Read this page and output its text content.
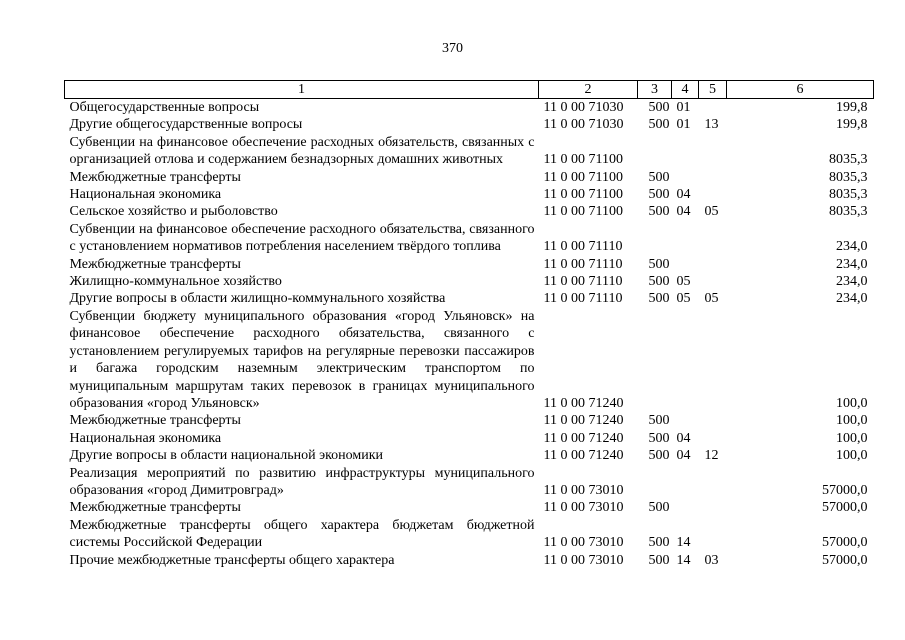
370
1	2	3	4	5	6
Общегосударственные вопросы	11 0 00 71030	500	01		199,8
Другие общегосударственные вопросы	11 0 00 71030	500	01	13	199,8
Субвенции на финансовое обеспечение расходных обязательств, связанных с организацией отлова и содержанием безнадзорных домашних животных	11 0 00 71100				8035,3
Межбюджетные трансферты	11 0 00 71100	500			8035,3
Национальная экономика	11 0 00 71100	500	04		8035,3
Сельское хозяйство и рыболовство	11 0 00 71100	500	04	05	8035,3
Субвенции на финансовое обеспечение расходного обязательства, связанного с установлением нормативов потребления населением твёрдого топлива	11 0 00 71110				234,0
Межбюджетные трансферты	11 0 00 71110	500			234,0
Жилищно-коммунальное хозяйство	11 0 00 71110	500	05		234,0
Другие вопросы в области жилищно-коммунального хозяйства	11 0 00 71110	500	05	05	234,0
Субвенции бюджету муниципального образования «город Ульяновск» на финансовое обеспечение расходного обязательства, связанного с установлением регулируемых тарифов на регулярные перевозки пассажиров и багажа городским наземным электрическим транспортом по муниципальным маршрутам таких перевозок в границах муниципального образования «город Ульяновск»	11 0 00 71240				100,0
Межбюджетные трансферты	11 0 00 71240	500			100,0
Национальная экономика	11 0 00 71240	500	04		100,0
Другие вопросы в области национальной экономики	11 0 00 71240	500	04	12	100,0
Реализация мероприятий по развитию инфраструктуры муниципального образования «город Димитровград»	11 0 00 73010				57000,0
Межбюджетные трансферты	11 0 00 73010	500			57000,0
Межбюджетные трансферты общего характера бюджетам бюджетной системы Российской Федерации	11 0 00 73010	500	14		57000,0
Прочие межбюджетные трансферты общего характера	11 0 00 73010	500	14	03	57000,0
